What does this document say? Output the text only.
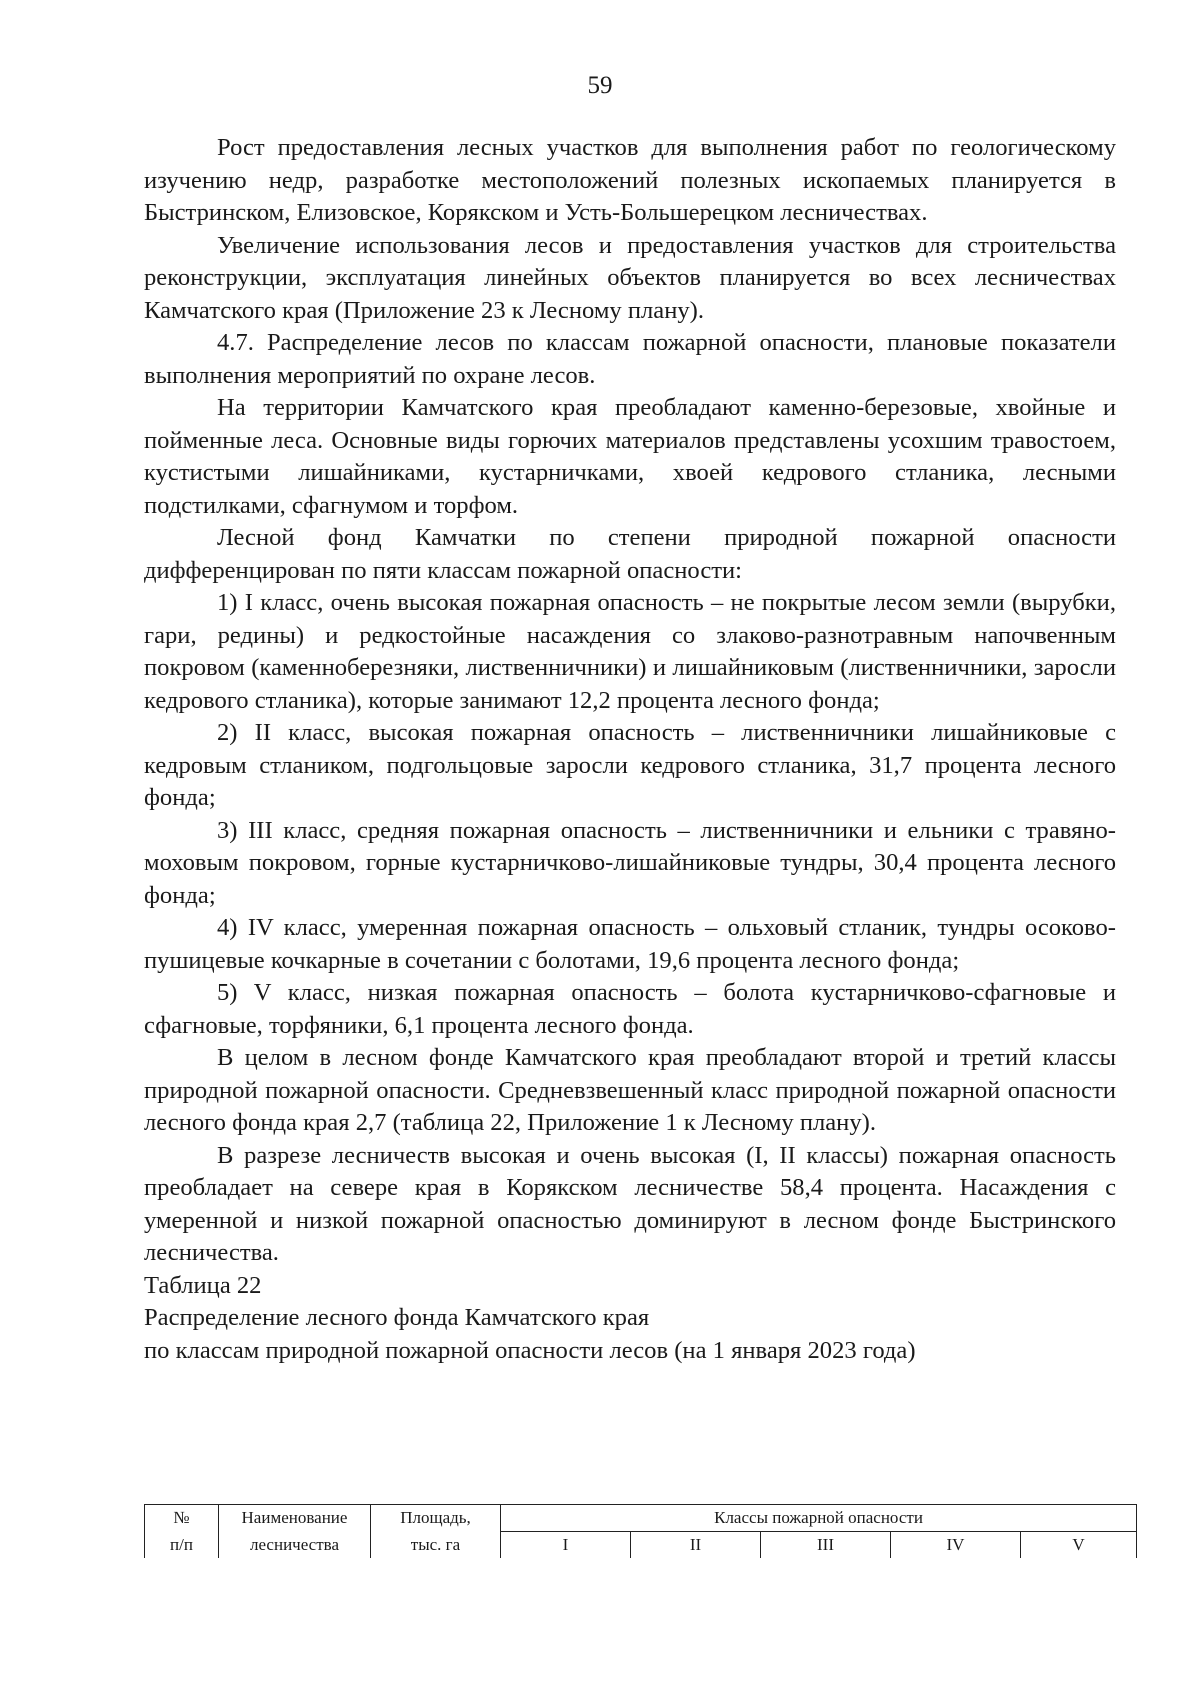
59

Рост предоставления лесных участков для выполнения работ по геологическому изучению недр, разработке местоположений полезных ископаемых планируется в Быстринском, Елизовское, Корякском и Усть-Большерецком лесничествах.

Увеличение использования лесов и предоставления участков для строительства реконструкции, эксплуатация линейных объектов планируется во всех лесничествах Камчатского края (Приложение 23 к Лесному плану).

4.7. Распределение лесов по классам пожарной опасности, плановые показатели выполнения мероприятий по охране лесов.

На территории Камчатского края преобладают каменно-березовые, хвойные и пойменные леса. Основные виды горючих материалов представлены усохшим травостоем, кустистыми лишайниками, кустарничками, хвоей кедрового стланика, лесными подстилками, сфагнумом и торфом.

Лесной фонд Камчатки по степени природной пожарной опасности дифференцирован по пяти классам пожарной опасности:

1) I класс, очень высокая пожарная опасность – не покрытые лесом земли (вырубки, гари, редины) и редкостойные насаждения со злаково-разнотравным напочвенным покровом (каменноберезняки, лиственничники) и лишайниковым (лиственничники, заросли кедрового стланика), которые занимают 12,2 процента лесного фонда;

2) II класс, высокая пожарная опасность – лиственничники лишайниковые с кедровым стлаником, подгольцовые заросли кедрового стланика, 31,7 процента лесного фонда;

3) III класс, средняя пожарная опасность – лиственничники и ельники с травяно-моховым покровом, горные кустарничково-лишайниковые тундры, 30,4 процента лесного фонда;

4) IV класс, умеренная пожарная опасность – ольховый стланик, тундры осоково-пушицевые кочкарные в сочетании с болотами, 19,6 процента лесного фонда;

5) V класс, низкая пожарная опасность – болота кустарничково-сфагновые и сфагновые, торфяники, 6,1 процента лесного фонда.

В целом в лесном фонде Камчатского края преобладают второй и третий классы природной пожарной опасности. Средневзвешенный класс природной пожарной опасности лесного фонда края 2,7 (таблица 22, Приложение 1 к Лесному плану).

В разрезе лесничеств высокая и очень высокая (I, II классы) пожарная опасность преобладает на севере края в Корякском лесничестве 58,4 процента. Насаждения с умеренной и низкой пожарной опасностью доминируют в лесном фонде Быстринского лесничества.

Таблица 22

Распределение лесного фонда Камчатского края

по классам природной пожарной опасности лесов (на 1 января 2023 года)

№	Наименование	Площадь,	Классы пожарной опасности				
п/п	лесничества	тыс. га	I	II	III	IV	V
